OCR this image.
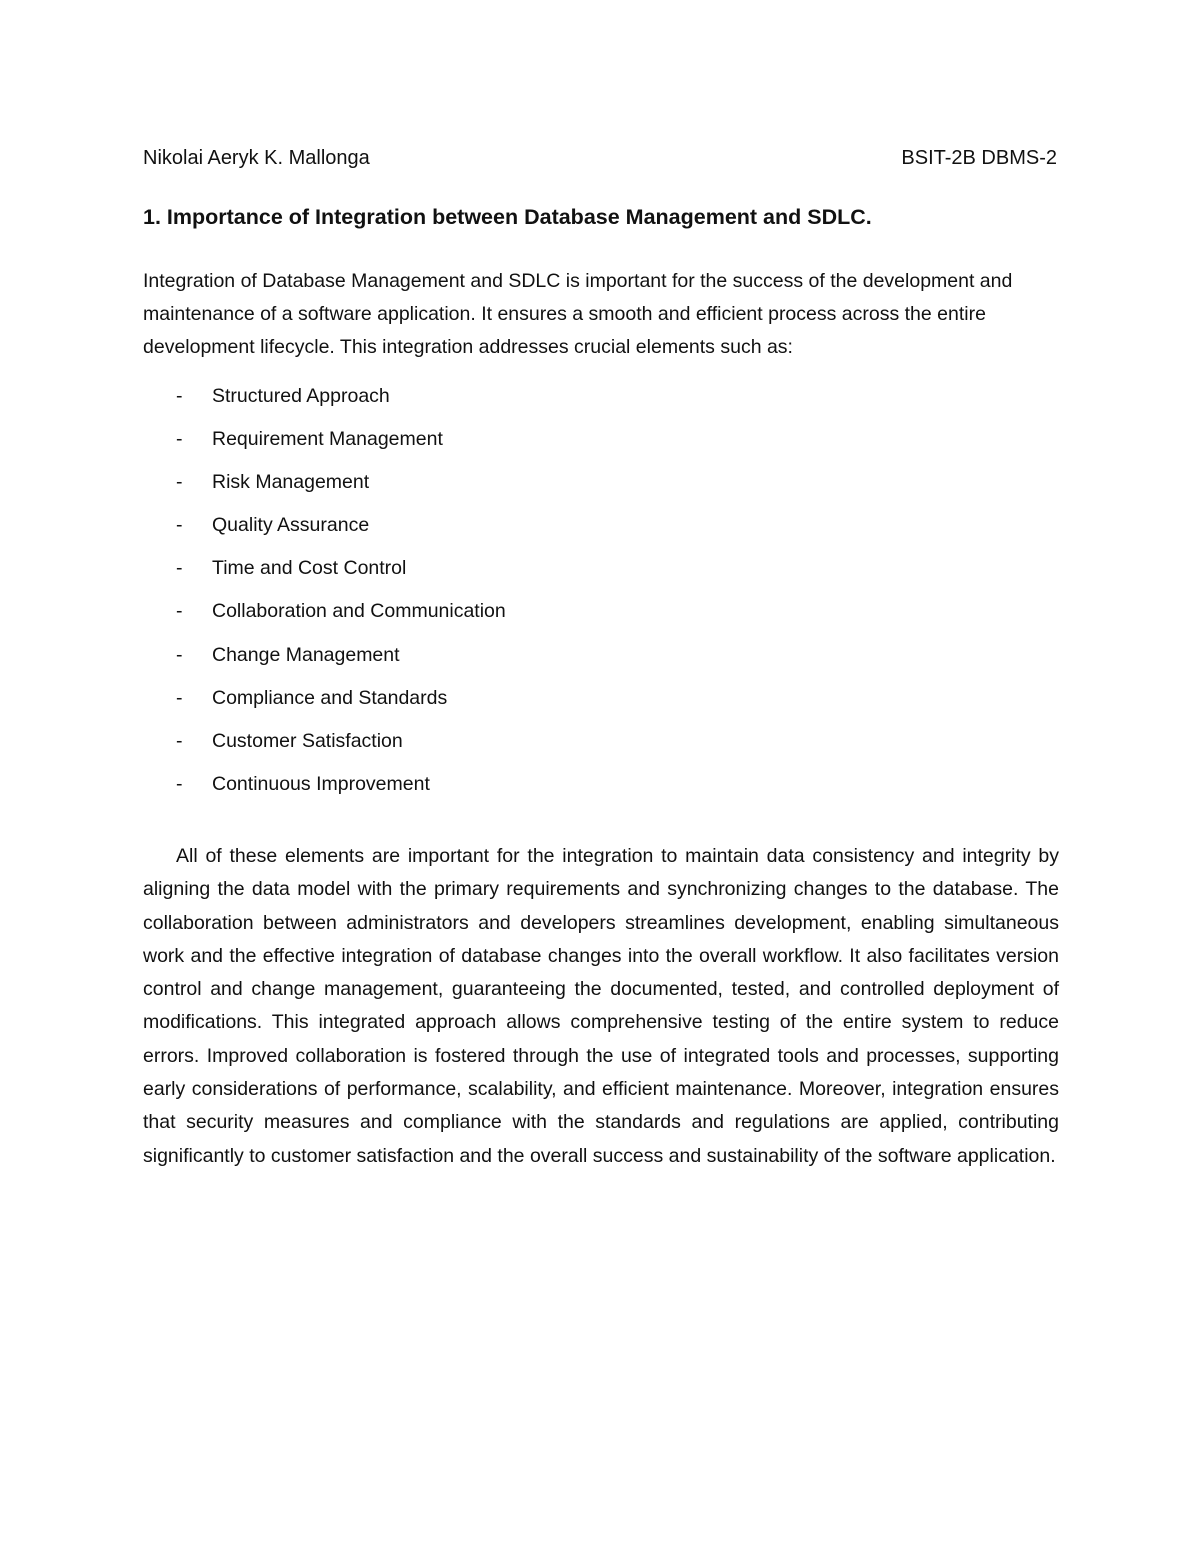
Nikolai Aeryk K. Mallonga	BSIT-2B DBMS-2
1. Importance of Integration between Database Management and SDLC.

Integration of Database Management and SDLC is important for the success of the development and maintenance of a software application. It ensures a smooth and efficient process across the entire development lifecycle. This integration addresses crucial elements such as:

- Structured Approach
- Requirement Management
- Risk Management
- Quality Assurance
- Time and Cost Control
- Collaboration and Communication
- Change Management
- Compliance and Standards
- Customer Satisfaction
- Continuous Improvement

All of these elements are important for the integration to maintain data consistency and integrity by aligning the data model with the primary requirements and synchronizing changes to the database. The collaboration between administrators and developers streamlines development, enabling simultaneous work and the effective integration of database changes into the overall workflow. It also facilitates version control and change management, guaranteeing the documented, tested, and controlled deployment of modifications. This integrated approach allows comprehensive testing of the entire system to reduce errors. Improved collaboration is fostered through the use of integrated tools and processes, supporting early considerations of performance, scalability, and efficient maintenance. Moreover, integration ensures that security measures and compliance with the standards and regulations are applied, contributing significantly to customer satisfaction and the overall success and sustainability of the software application.
